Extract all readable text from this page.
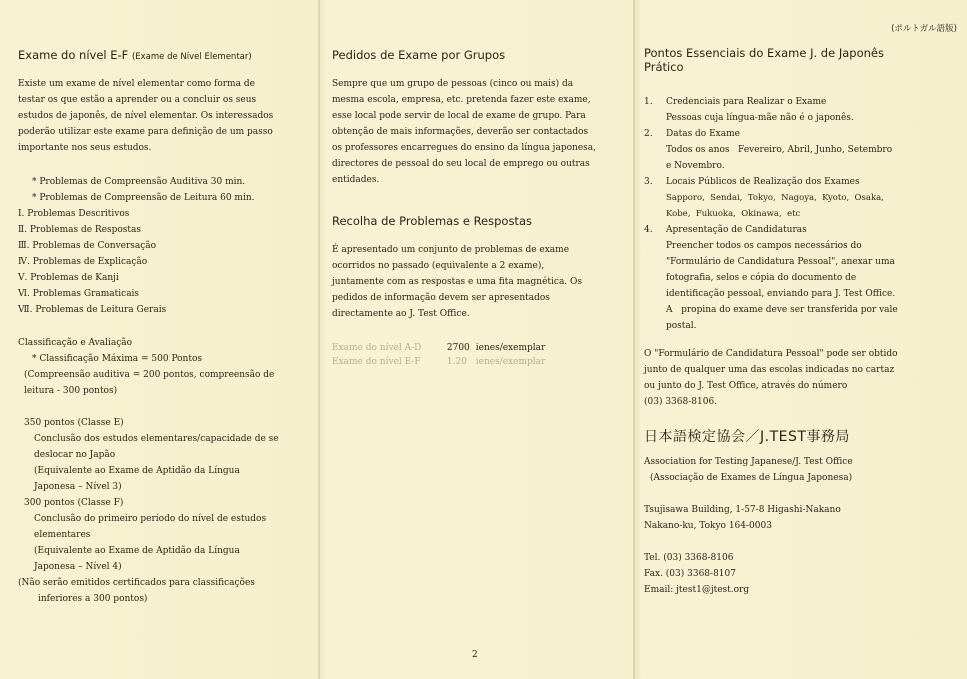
(ポルトガル語版)
Exame do nível E-F (Exame de Nível Elementar)

Existe um exame de nível elementar como forma de

testar os que estão a aprender ou a concluir os seus

estudos de japonês, de nível elementar. Os interessados

poderão utilizar este exame para definição de um passo

importante nos seus estudos.

* Problemas de Compreensão Auditiva 30 min.

* Problemas de Compreensão de Leitura 60 min.

Ⅰ. Problemas Descritivos

Ⅱ. Problemas de Respostas

Ⅲ. Problemas de Conversação

Ⅳ. Problemas de Explicação

Ⅴ. Problemas de Kanji

Ⅵ. Problemas Gramaticais

Ⅶ. Problemas de Leitura Gerais

Classificação e Avaliação

* Classificação Máxima = 500 Pontos

(Compreensão auditiva = 200 pontos, compreensão de

leitura - 300 pontos)

350 pontos (Classe E)

Conclusão dos estudos elementares/capacidade de se

deslocar no Japão

(Equivalente ao Exame de Aptidão da Língua

Japonesa – Nível 3)

300 pontos (Classe F)

Conclusão do primeiro período do nível de estudos

elementares

(Equivalente ao Exame de Aptidão da Língua

Japonesa – Nível 4)

(Não serão emitidos certificados para classificações

inferiores a 300 pontos)

Pedidos de Exame por Grupos

Sempre que um grupo de pessoas (cinco ou mais) da

mesma escola, empresa, etc. pretenda fazer este exame,

esse local pode servir de local de exame de grupo. Para

obtenção de mais informações, deverão ser contactados

os professores encarregues do ensino da língua japonesa,

directores de pessoal do seu local de emprego ou outras

entidades.

Recolha de Problemas e Respostas

É apresentado um conjunto de problemas de exame

ocorridos no passado (equivalente a 2 exame),

juntamente com as respostas e uma fita magnética. Os

pedidos de informação devem ser apresentados

directamente ao J. Test Office.

Exame do nível A-D	2700 ienes/exemplar
Exame do nível E-F	1.20 ienes/exemplar
2
Pontos Essenciais do Exame J. de Japonês
Prático
1. Credenciais para Realizar o Exame
Pessoas cuja língua-mãe não é o japonês.
2. Datas do Exame
Todos os anos   Fevereiro, Abril, Junho, Setembro
e Novembro.
3. Locais Públicos de Realização dos Exames
Sapporo,  Sendai,  Tokyo,  Nagoya,  Kyoto,  Osaka,
Kobe,  Fukuoka,  Okinawa,  etc
4. Apresentação de Candidaturas
Preencher todos os campos necessários do
"Formulário de Candidatura Pessoal", anexar uma
fotografia, selos e cópia do documento de
identificação pessoal, enviando para J. Test Office.
A   propina do exame deve ser transferida por vale
postal.

O "Formulário de Candidatura Pessoal" pode ser obtido

junto de qualquer uma das escolas indicadas no cartaz

ou junto do J. Test Office, através do número

(03) 3368-8106.

日本語検定協会／J.TEST事務局

Association for Testing Japanese/J. Test Office

(Associação de Exames de Língua Japonesa)

Tsujisawa Building, 1-57-8 Higashi-Nakano

Nakano-ku, Tokyo 164-0003

Tel. (03) 3368-8106

Fax. (03) 3368-8107

Email: jtest1@jtest.org
